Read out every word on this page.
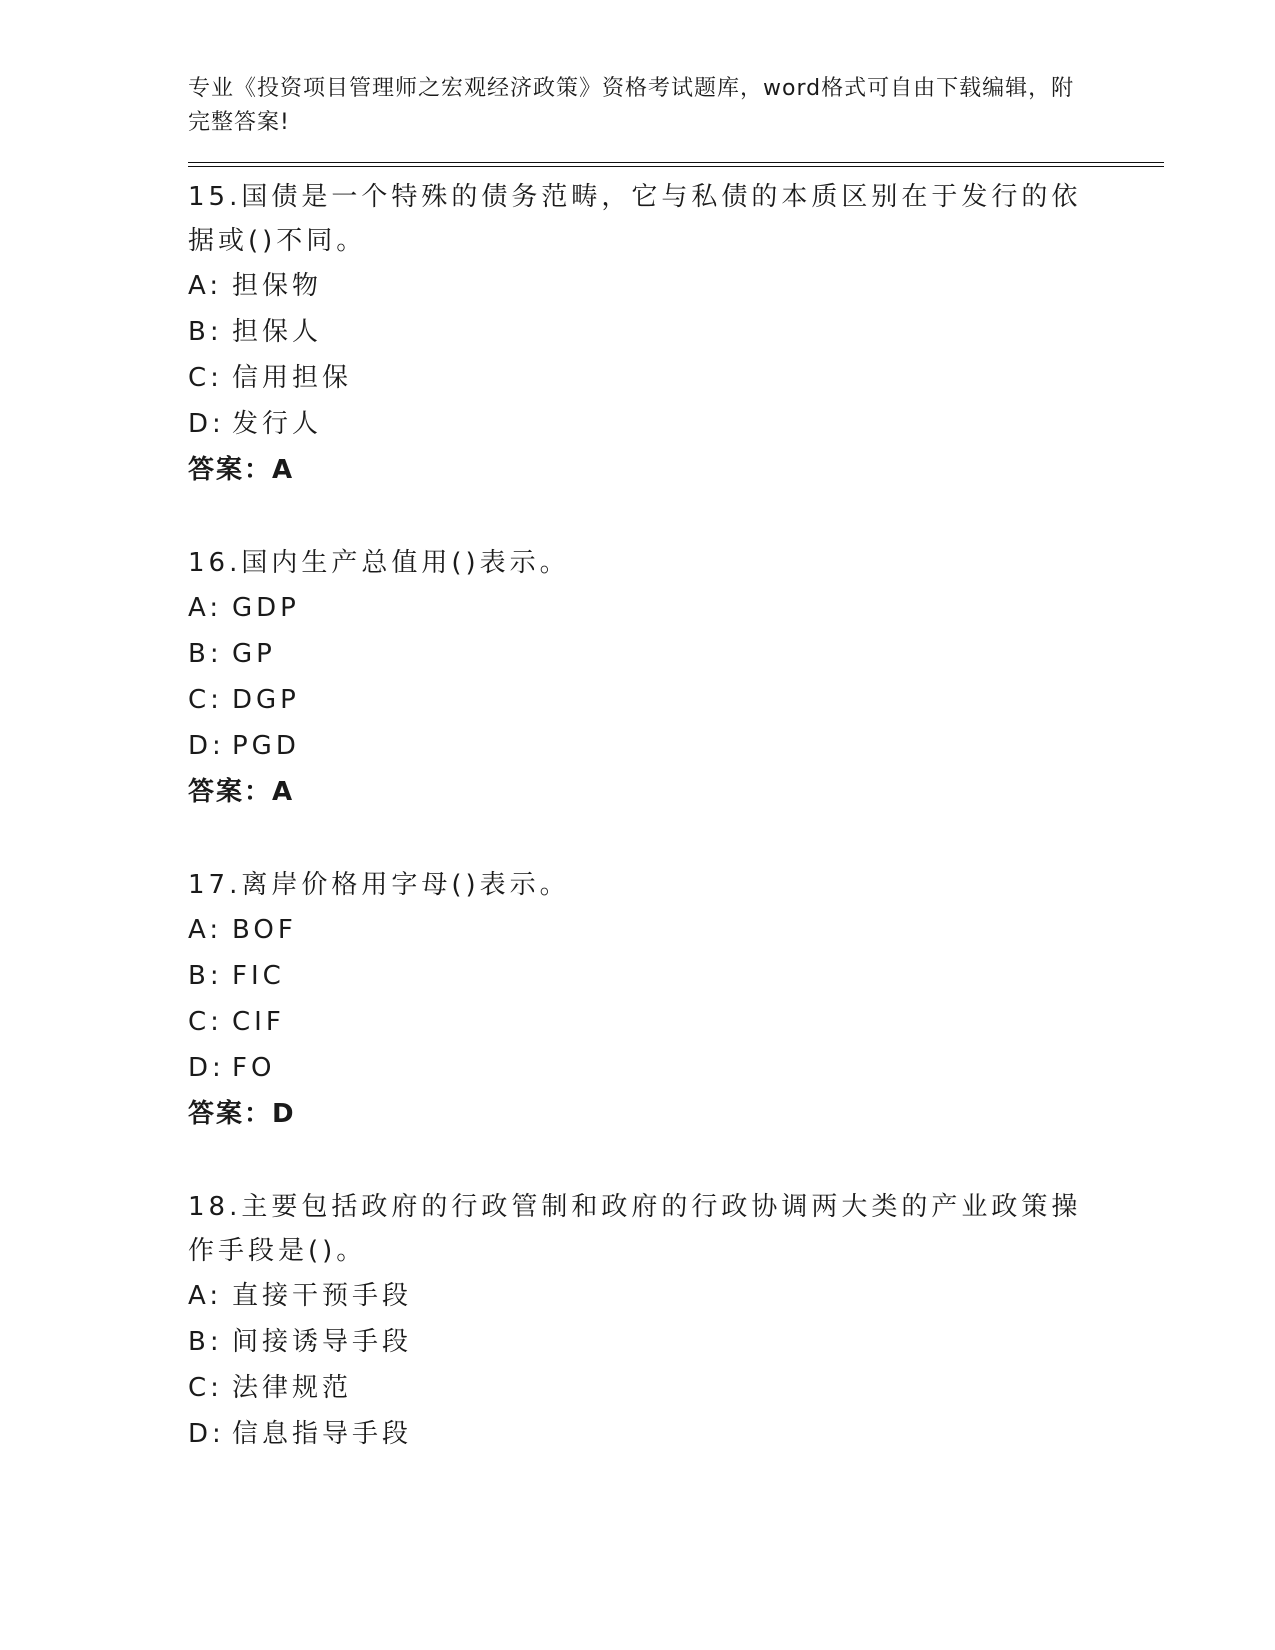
专业《投资项目管理师之宏观经济政策》资格考试题库，word格式可自由下载编辑，附完整答案!

15.国债是一个特殊的债务范畴，它与私债的本质区别在于发行的依据或()不同。
A: 担保物
B: 担保人
C: 信用担保
D: 发行人
答案：A
16.国内生产总值用()表示。
A: GDP
B: GP
C: DGP
D: PGD
答案：A
17.离岸价格用字母()表示。
A: BOF
B: FIC
C: CIF
D: FO
答案：D
18.主要包括政府的行政管制和政府的行政协调两大类的产业政策操作手段是()。
A: 直接干预手段
B: 间接诱导手段
C: 法律规范
D: 信息指导手段
